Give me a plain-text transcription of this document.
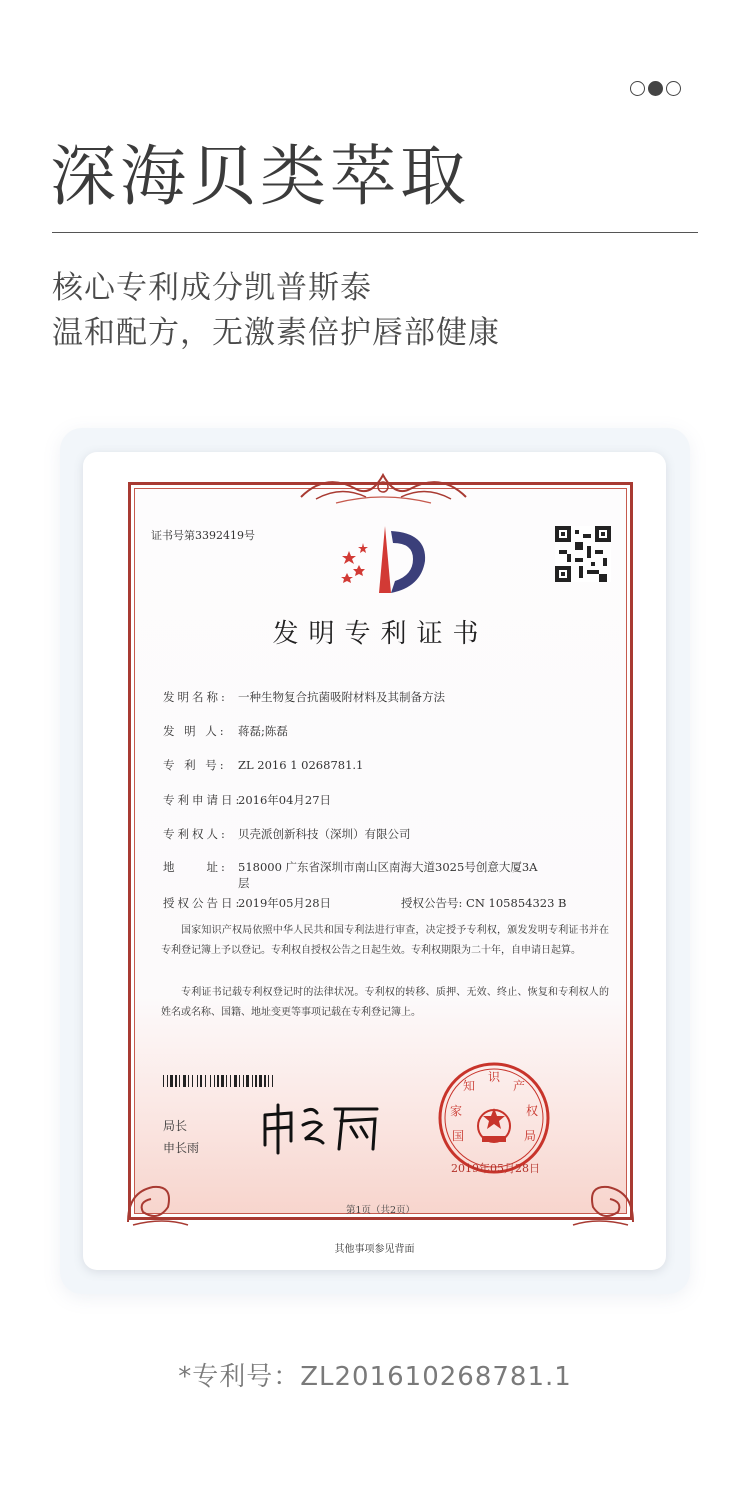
深海贝类萃取
核心专利成分凯普斯泰
温和配方，无激素倍护唇部健康
证书号第3392419号
发明专利证书
发明名称: 一种生物复合抗菌吸附材料及其制备方法
发 明 人: 蒋磊;陈磊
专 利 号: ZL 2016 1 0268781.1
专利申请日:2016年04月27日
专利权人: 贝壳派创新科技（深圳）有限公司
地　　址: 518000 广东省深圳市南山区南海大道3025号创意大厦3A层
授权公告日:2019年05月28日	授权公告号: CN 105854323 B
国家知识产权局依照中华人民共和国专利法进行审查，决定授予专利权，颁发发明专利证书并在专利登记簿上予以登记。专利权自授权公告之日起生效。专利权期限为二十年，自申请日起算。
专利证书记载专利权登记时的法律状况。专利权的转移、质押、无效、终止、恢复和专利权人的姓名或名称、国籍、地址变更等事项记载在专利登记簿上。
局长
申长雨
国
家
知
识
产
权
局
2019年05月28日
第1页（共2页）
其他事项参见背面
*专利号：ZL201610268781.1
